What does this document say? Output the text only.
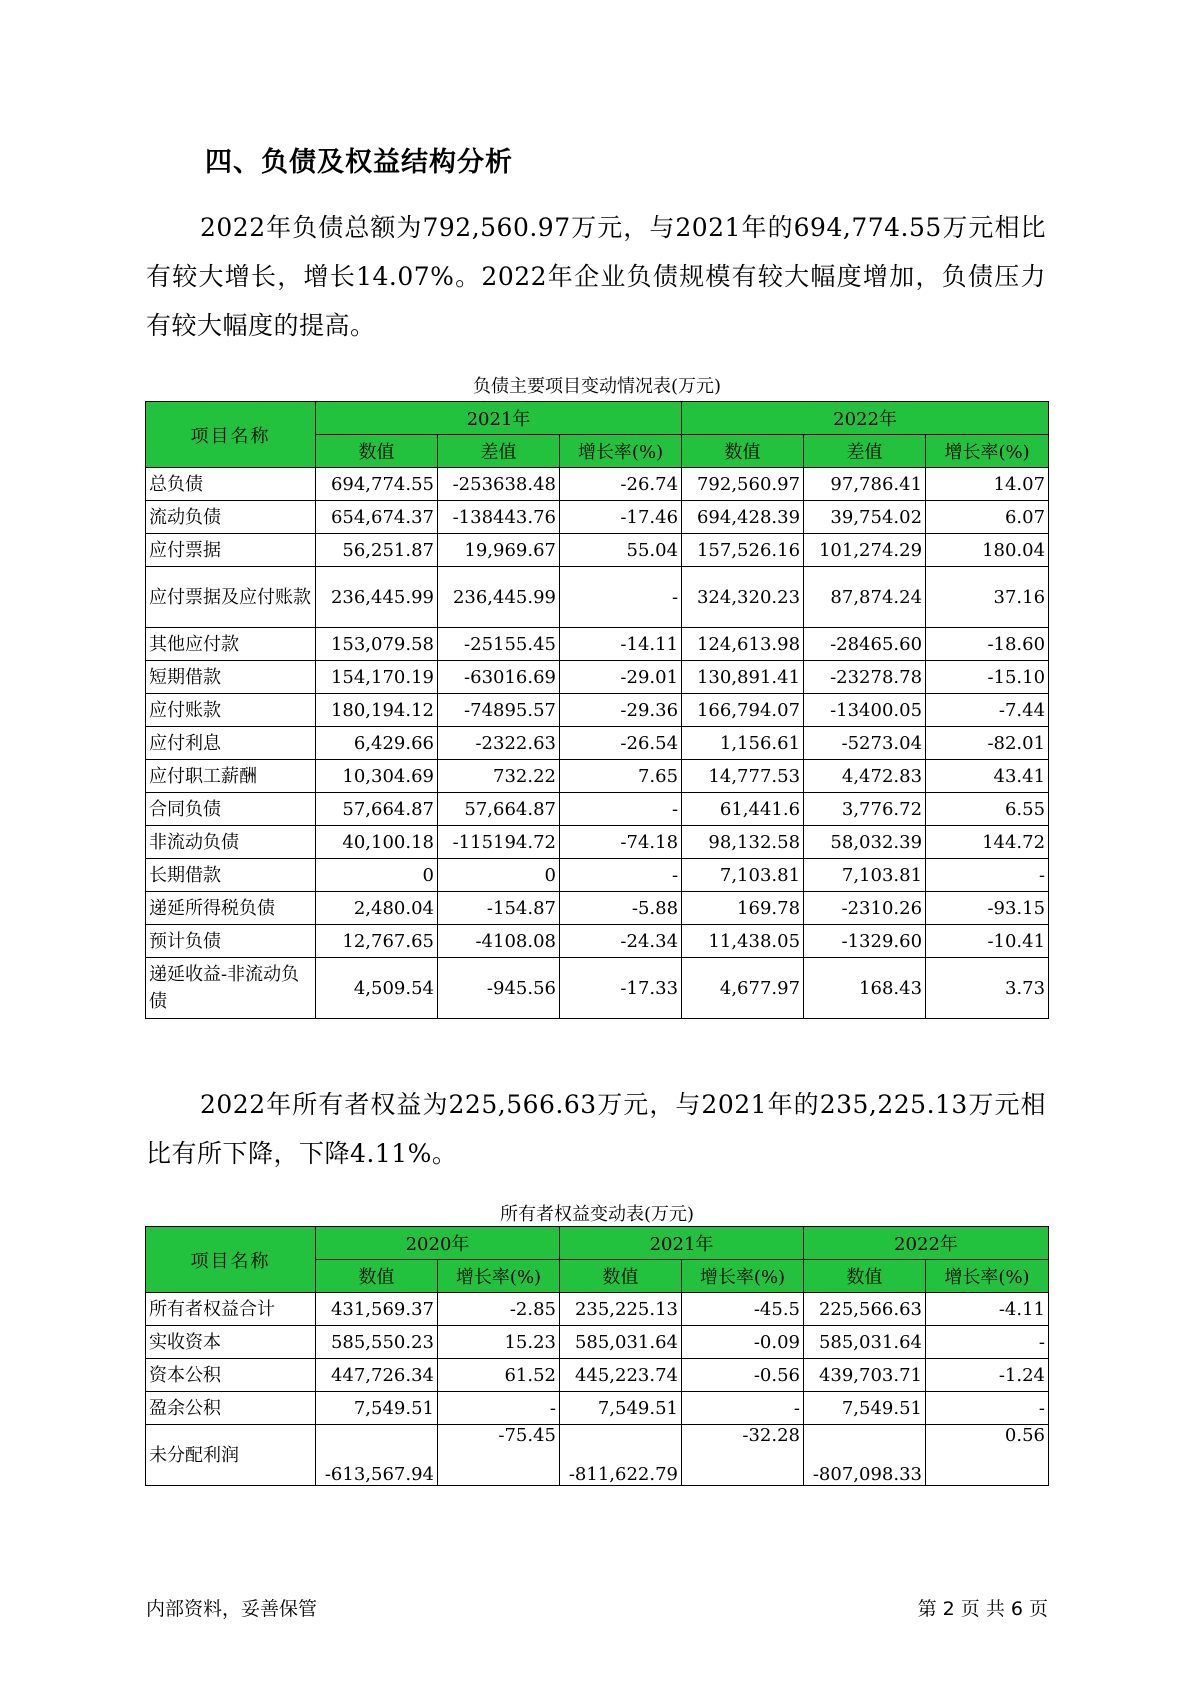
四、负债及权益结构分析
2022年负债总额为792,560.97万元，与2021年的694,774.55万元相比有较大增长，增长14.07%。2022年企业负债规模有较大幅度增加，负债压力有较大幅度的提高。
负债主要项目变动情况表(万元)
项目名称	2021年			2022年		
	数值	差值	增长率(%)	数值	差值	增长率(%)
总负债	694,774.55	-253638.48	-26.74	792,560.97	97,786.41	14.07
流动负债	654,674.37	-138443.76	-17.46	694,428.39	39,754.02	6.07
应付票据	56,251.87	19,969.67	55.04	157,526.16	101,274.29	180.04
应付票据及应付账款	236,445.99	236,445.99	-	324,320.23	87,874.24	37.16
其他应付款	153,079.58	-25155.45	-14.11	124,613.98	-28465.60	-18.60
短期借款	154,170.19	-63016.69	-29.01	130,891.41	-23278.78	-15.10
应付账款	180,194.12	-74895.57	-29.36	166,794.07	-13400.05	-7.44
应付利息	6,429.66	-2322.63	-26.54	1,156.61	-5273.04	-82.01
应付职工薪酬	10,304.69	732.22	7.65	14,777.53	4,472.83	43.41
合同负债	57,664.87	57,664.87	-	61,441.6	3,776.72	6.55
非流动负债	40,100.18	-115194.72	-74.18	98,132.58	58,032.39	144.72
长期借款	0	0	-	7,103.81	7,103.81	-
递延所得税负债	2,480.04	-154.87	-5.88	169.78	-2310.26	-93.15
预计负债	12,767.65	-4108.08	-24.34	11,438.05	-1329.60	-10.41
递延收益-非流动负债	4,509.54	-945.56	-17.33	4,677.97	168.43	3.73
2022年所有者权益为225,566.63万元，与2021年的235,225.13万元相比有所下降，下降4.11%。
所有者权益变动表(万元)
项目名称	2020年		2021年		2022年	
	数值	增长率(%)	数值	增长率(%)	数值	增长率(%)
所有者权益合计	431,569.37	-2.85	235,225.13	-45.5	225,566.63	-4.11
实收资本	585,550.23	15.23	585,031.64	-0.09	585,031.64	-
资本公积	447,726.34	61.52	445,223.74	-0.56	439,703.71	-1.24
盈余公积	7,549.51	-	7,549.51	-	7,549.51	-
未分配利润	-613,567.94	-75.45	-811,622.79	-32.28	-807,098.33	0.56
内部资料，妥善保管	第 2 页 共 6 页
